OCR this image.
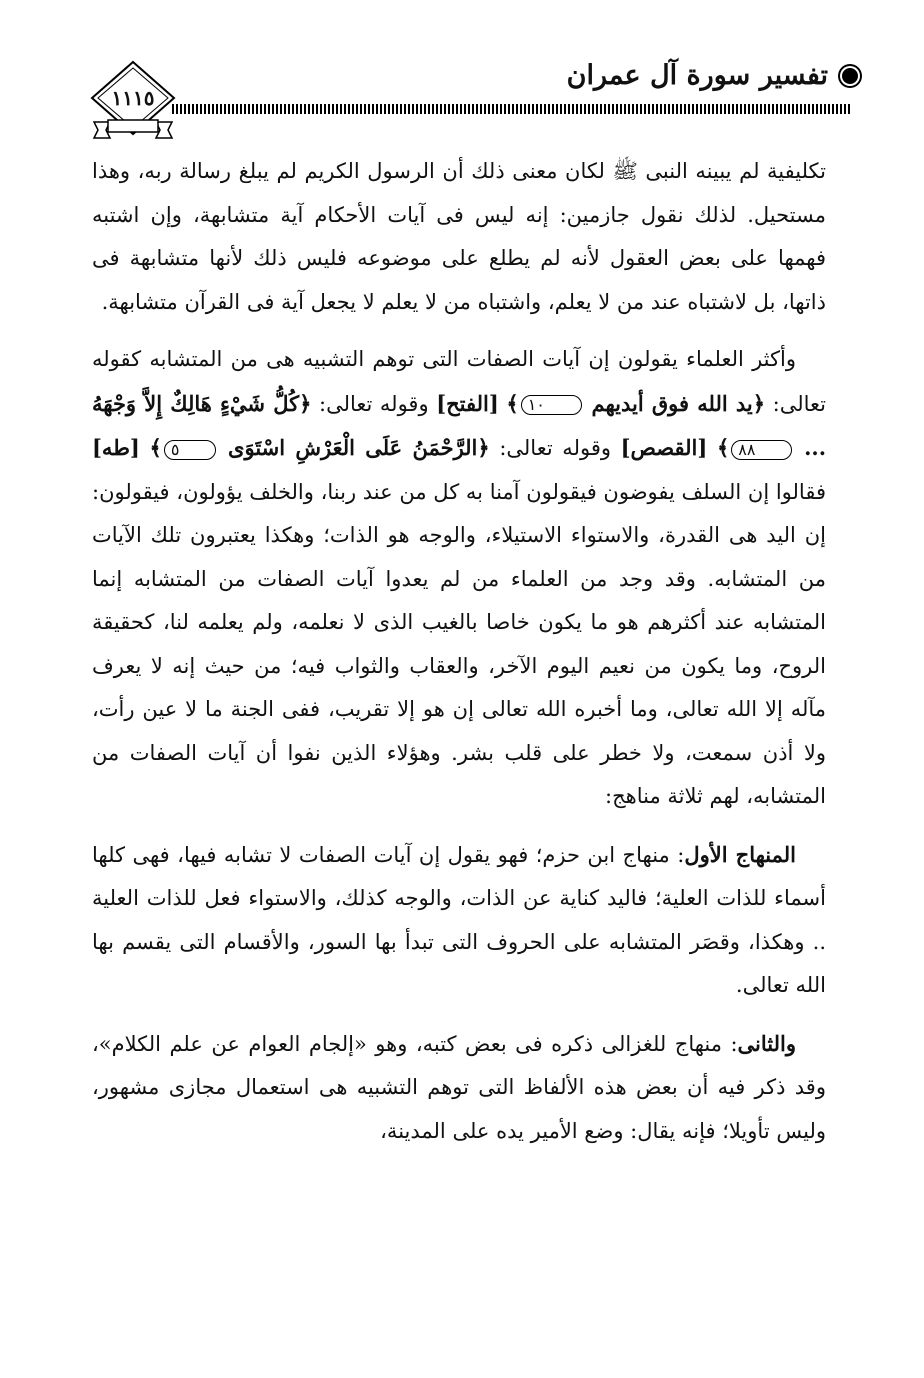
١١١٥
تفسير سورة آل عمران

تكليفية لم يبينه النبى ﷺ لكان معنى ذلك أن الرسول الكريم لم يبلغ رسالة ربه، وهذا مستحيل. لذلك نقول جازمين: إنه ليس فى آيات الأحكام آية متشابهة، وإن اشتبه فهمها على بعض العقول لأنه لم يطلع على موضوعه فليس ذلك لأنها متشابهة فى ذاتها، بل لاشتباه عند من لا يعلم، واشتباه من لا يعلم لا يجعل آية فى القرآن متشابهة.

وأكثر العلماء يقولون إن آيات الصفات التى توهم التشبيه هى من المتشابه كقوله تعالى: ﴿يد الله فوق أيديهم ١٠﴾ [الفتح] وقوله تعالى: ﴿كُلُّ شَيْءٍ هَالِكٌ إِلاَّ وَجْهَهُ ... ٨٨﴾ [القصص] وقوله تعالى: ﴿الرَّحْمَنُ عَلَى الْعَرْشِ اسْتَوَى ٥﴾ [طه] فقالوا إن السلف يفوضون فيقولون آمنا به كل من عند ربنا، والخلف يؤولون، فيقولون: إن اليد هى القدرة، والاستواء الاستيلاء، والوجه هو الذات؛ وهكذا يعتبرون تلك الآيات من المتشابه. وقد وجد من العلماء من لم يعدوا آيات الصفات من المتشابه إنما المتشابه عند أكثرهم هو ما يكون خاصا بالغيب الذى لا نعلمه، ولم يعلمه لنا، كحقيقة الروح، وما يكون من نعيم اليوم الآخر، والعقاب والثواب فيه؛ من حيث إنه لا يعرف مآله إلا الله تعالى، وما أخبره الله تعالى إن هو إلا تقريب، ففى الجنة ما لا عين رأت، ولا أذن سمعت، ولا خطر على قلب بشر. وهؤلاء الذين نفوا أن آيات الصفات من المتشابه، لهم ثلاثة مناهج:

المنهاج الأول: منهاج ابن حزم؛ فهو يقول إن آيات الصفات لا تشابه فيها، فهى كلها أسماء للذات العلية؛ فاليد كناية عن الذات، والوجه كذلك، والاستواء فعل للذات العلية .. وهكذا، وقصَر المتشابه على الحروف التى تبدأ بها السور، والأقسام التى يقسم بها الله تعالى.

والثانى: منهاج للغزالى ذكره فى بعض كتبه، وهو «إلجام العوام عن علم الكلام»، وقد ذكر فيه أن بعض هذه الألفاظ التى توهم التشبيه هى استعمال مجازى مشهور، وليس تأويلا؛ فإنه يقال: وضع الأمير يده على المدينة،
